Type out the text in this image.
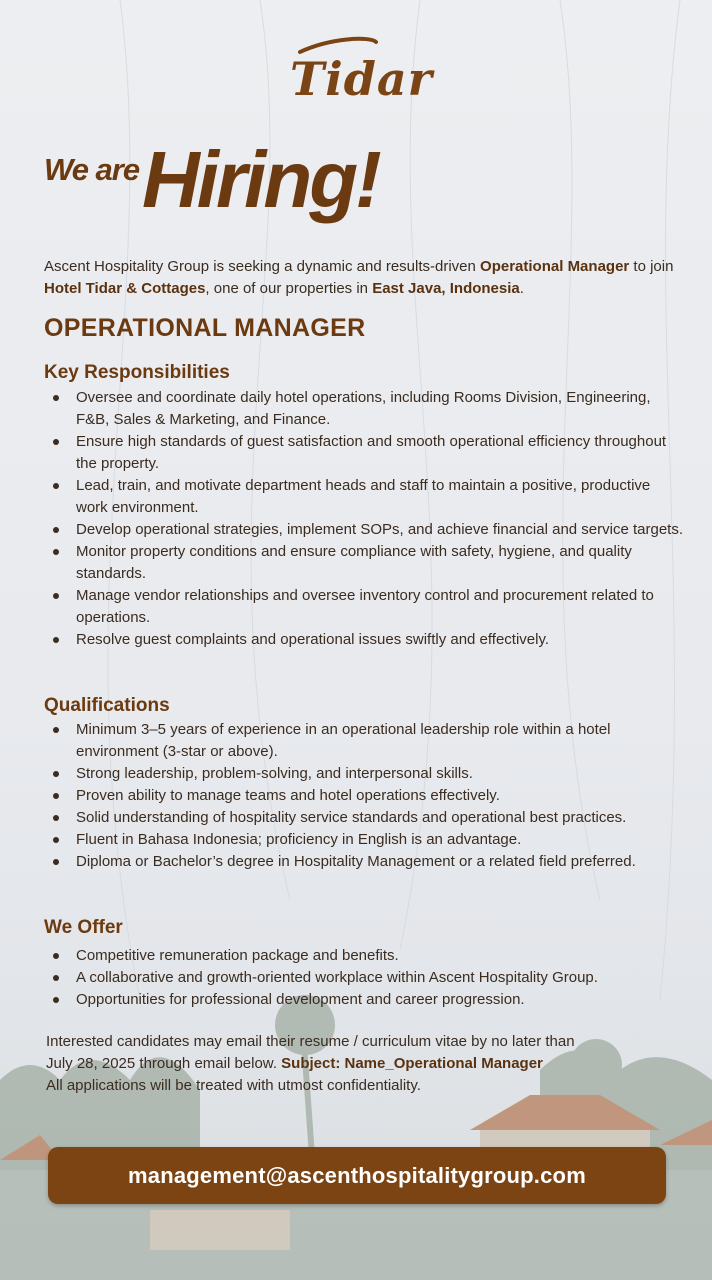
Tidar
We are Hiring!
Ascent Hospitality Group is seeking a dynamic and results-driven Operational Manager to join Hotel Tidar & Cottages, one of our properties in East Java, Indonesia.
OPERATIONAL MANAGER
Key Responsibilities
Oversee and coordinate daily hotel operations, including Rooms Division, Engineering, F&B, Sales & Marketing, and Finance.
Ensure high standards of guest satisfaction and smooth operational efficiency throughout the property.
Lead, train, and motivate department heads and staff to maintain a positive, productive work environment.
Develop operational strategies, implement SOPs, and achieve financial and service targets.
Monitor property conditions and ensure compliance with safety, hygiene, and quality standards.
Manage vendor relationships and oversee inventory control and procurement related to operations.
Resolve guest complaints and operational issues swiftly and effectively.
Qualifications
Minimum 3–5 years of experience in an operational leadership role within a hotel environment (3-star or above).
Strong leadership, problem-solving, and interpersonal skills.
Proven ability to manage teams and hotel operations effectively.
Solid understanding of hospitality service standards and operational best practices.
Fluent in Bahasa Indonesia; proficiency in English is an advantage.
Diploma or Bachelor’s degree in Hospitality Management or a related field preferred.
We Offer
Competitive remuneration package and benefits.
A collaborative and growth-oriented workplace within Ascent Hospitality Group.
Opportunities for professional development and career progression.
Interested candidates may email their resume / curriculum vitae by no later than
July 28, 2025 through email below. Subject: Name_Operational Manager
All applications will be treated with utmost confidentiality.
management@ascenthospitalitygroup.com
